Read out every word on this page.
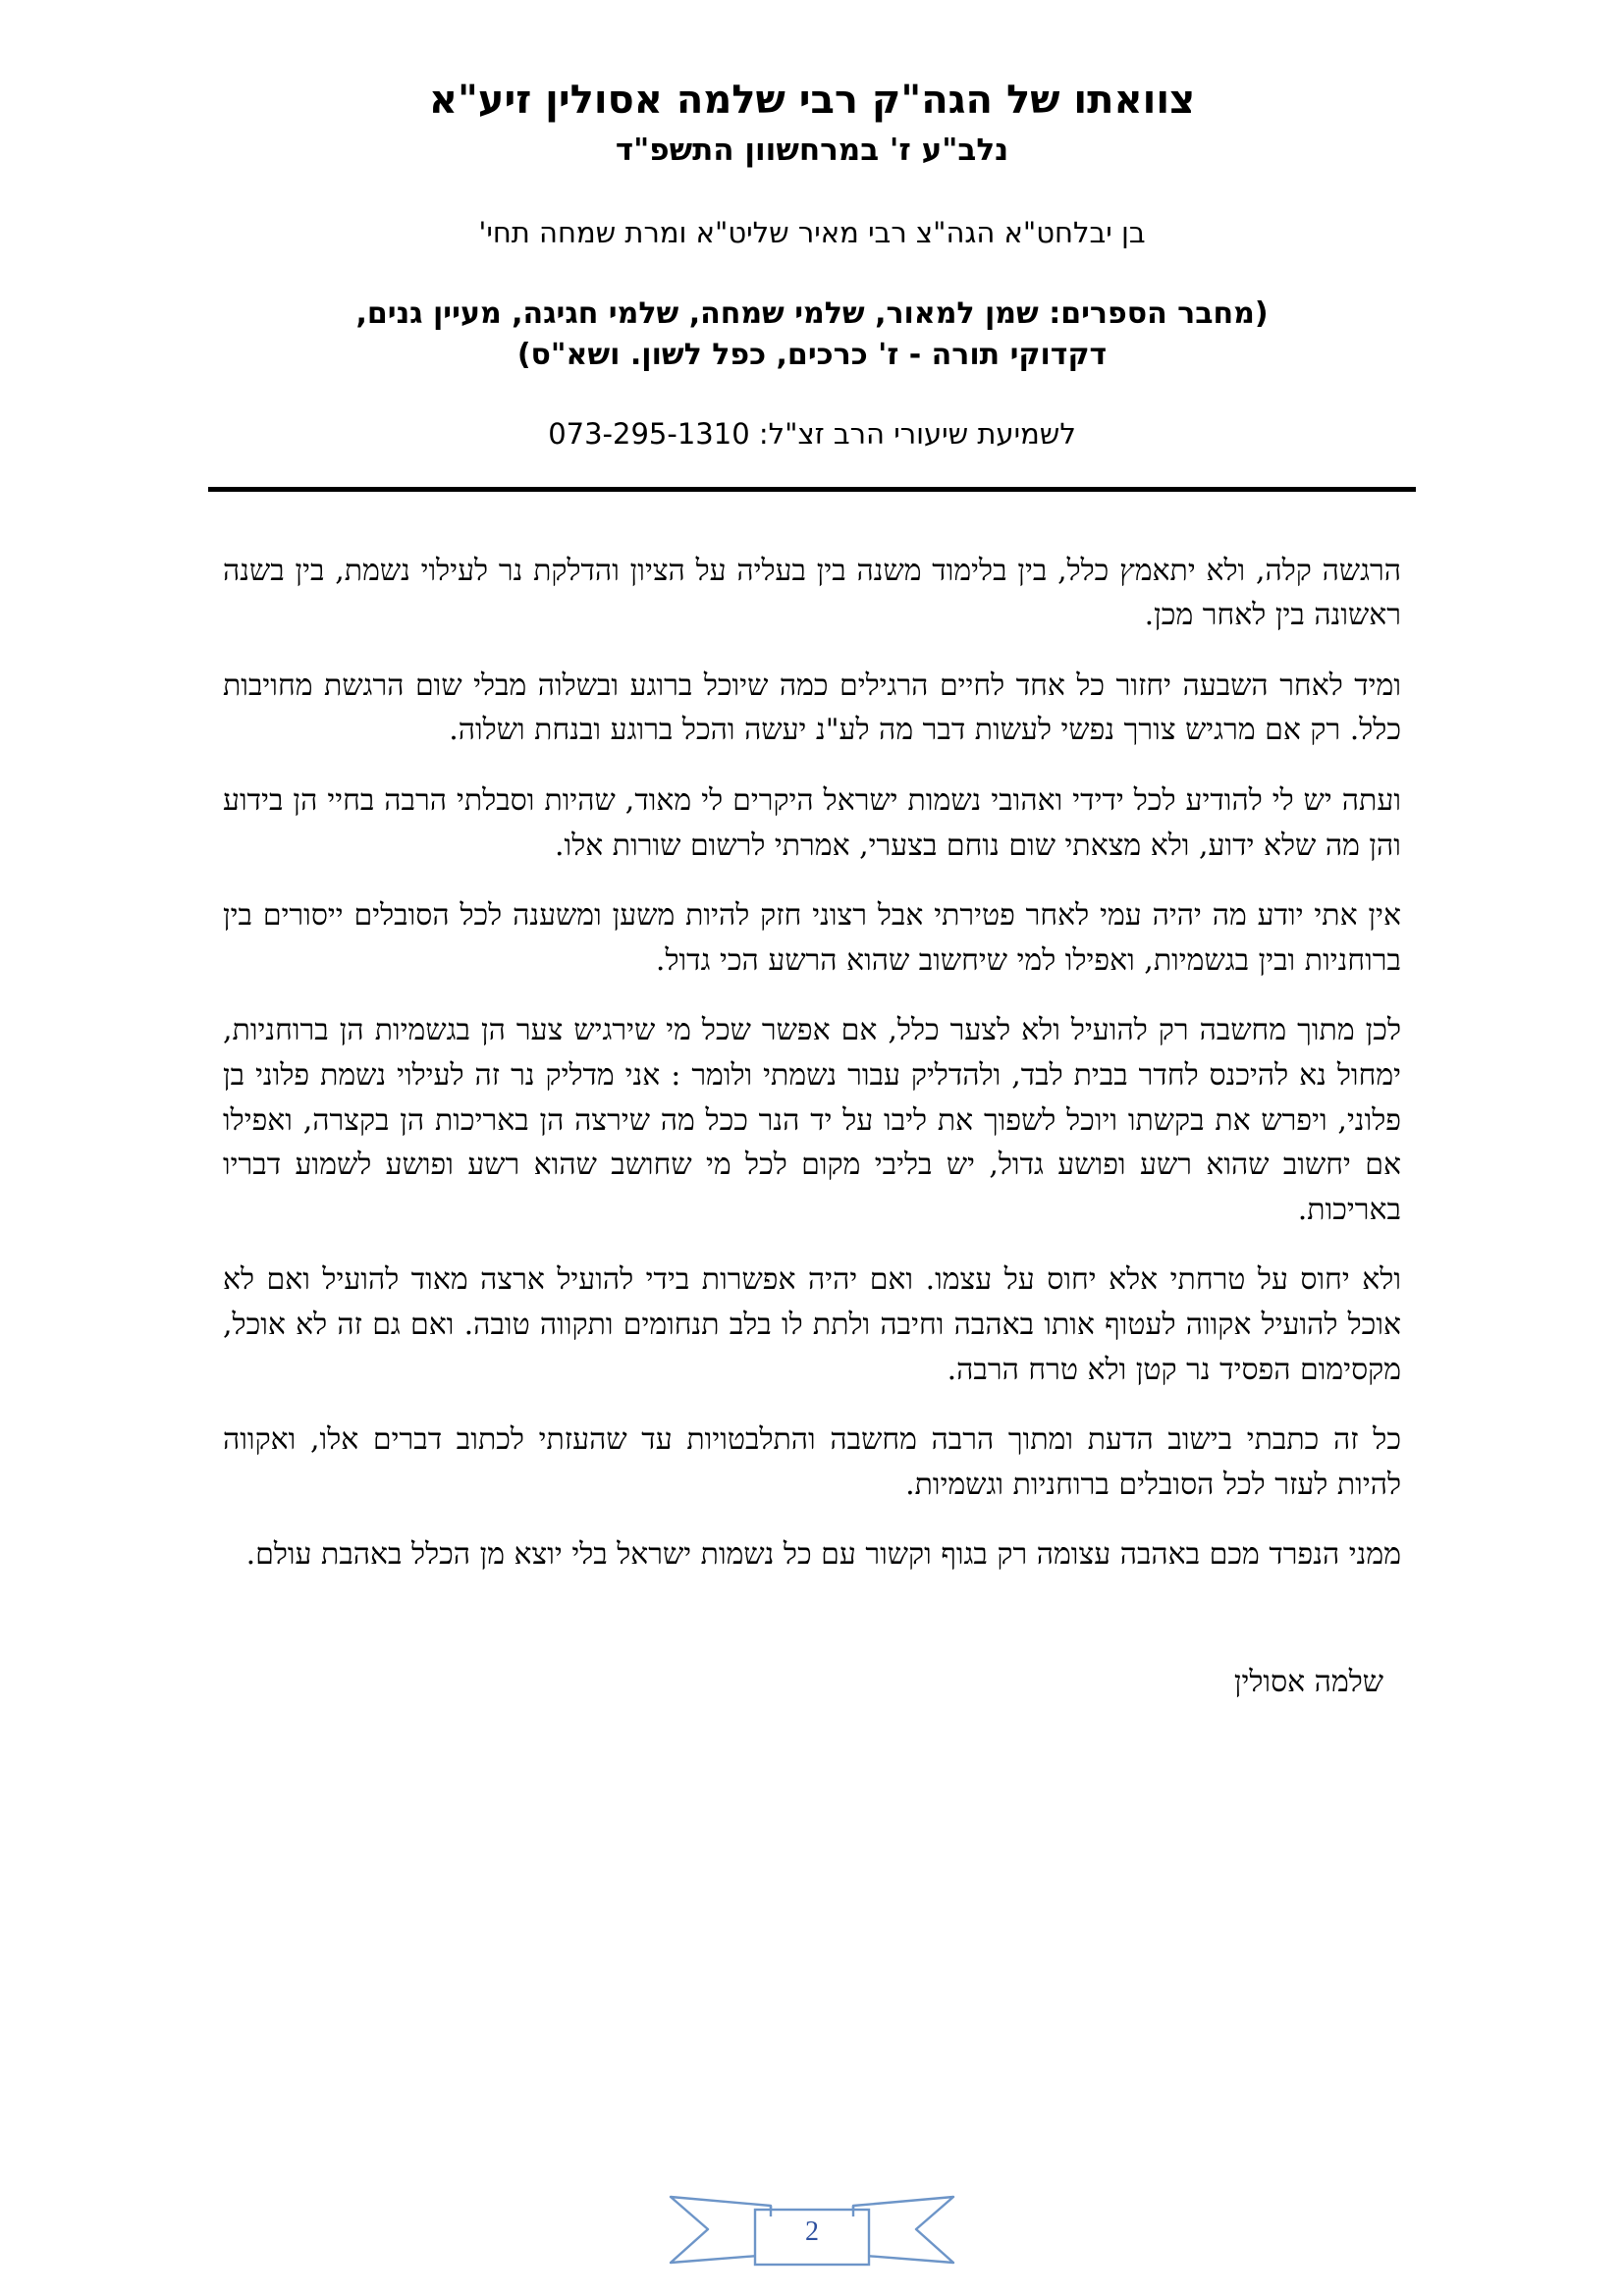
צוואתו של הגה"ק רבי שלמה אסולין זיע"א
נלב"ע ז' במרחשוון התשפ"ד
בן יבלחט"א הגה"צ רבי מאיר שליט"א ומרת שמחה תחי'
(מחבר הספרים: שמן למאור, שלמי שמחה, שלמי חגיגה, מעיין גנים,
דקדוקי תורה - ז' כרכים, כפל לשון. ושא"ס)
לשמיעת שיעורי הרב זצ"ל: 073-295-1310

הרגשה קלה, ולא יתאמץ כלל, בין בלימוד משנה בין בעליה על הציון והדלקת נר לעילוי נשמת, בין בשנה ראשונה בין לאחר מכן.

ומיד לאחר השבעה יחזור כל אחד לחיים הרגילים כמה שיוכל ברוגע ובשלוה מבלי שום הרגשת מחויבות כלל. רק אם מרגיש צורך נפשי לעשות דבר מה לע"נ יעשה והכל ברוגע ובנחת ושלוה.

ועתה יש לי להודיע לכל ידידי ואהובי נשמות ישראל היקרים לי מאוד, שהיות וסבלתי הרבה בחיי הן בידוע והן מה שלא ידוע, ולא מצאתי שום נוחם בצערי, אמרתי לרשום שורות אלו.

אין אתי יודע מה יהיה עמי לאחר פטירתי אבל רצוני חזק להיות משען ומשענה לכל הסובלים ייסורים בין ברוחניות ובין בגשמיות, ואפילו למי שיחשוב שהוא הרשע הכי גדול.

לכן מתוך מחשבה רק להועיל ולא לצער כלל, אם אפשר שכל מי שירגיש צער הן בגשמיות הן ברוחניות, ימחול נא להיכנס לחדר בבית לבד, ולהדליק עבור נשמתי ולומר : אני מדליק נר זה לעילוי נשמת פלוני בן פלוני, ויפרש את בקשתו ויוכל לשפוך את ליבו על יד הנר ככל מה שירצה הן באריכות הן בקצרה, ואפילו אם יחשוב שהוא רשע ופושע גדול, יש בליבי מקום לכל מי שחושב שהוא רשע ופושע לשמוע דבריו באריכות.

ולא יחוס על טרחתי אלא יחוס על עצמו. ואם יהיה אפשרות בידי להועיל ארצה מאוד להועיל ואם לא אוכל להועיל אקווה לעטוף אותו באהבה וחיבה ולתת לו בלב תנחומים ותקווה טובה. ואם גם זה לא אוכל, מקסימום הפסיד נר קטן ולא טרח הרבה.

כל זה כתבתי בישוב הדעת ומתוך הרבה מחשבה והתלבטויות עד שהעזתי לכתוב דברים אלו, ואקווה להיות לעזר לכל הסובלים ברוחניות וגשמיות.

ממני הנפרד מכם באהבה עצומה רק בגוף וקשור עם כל נשמות ישראל בלי יוצא מן הכלל באהבת עולם.

שלמה אסולין
2
